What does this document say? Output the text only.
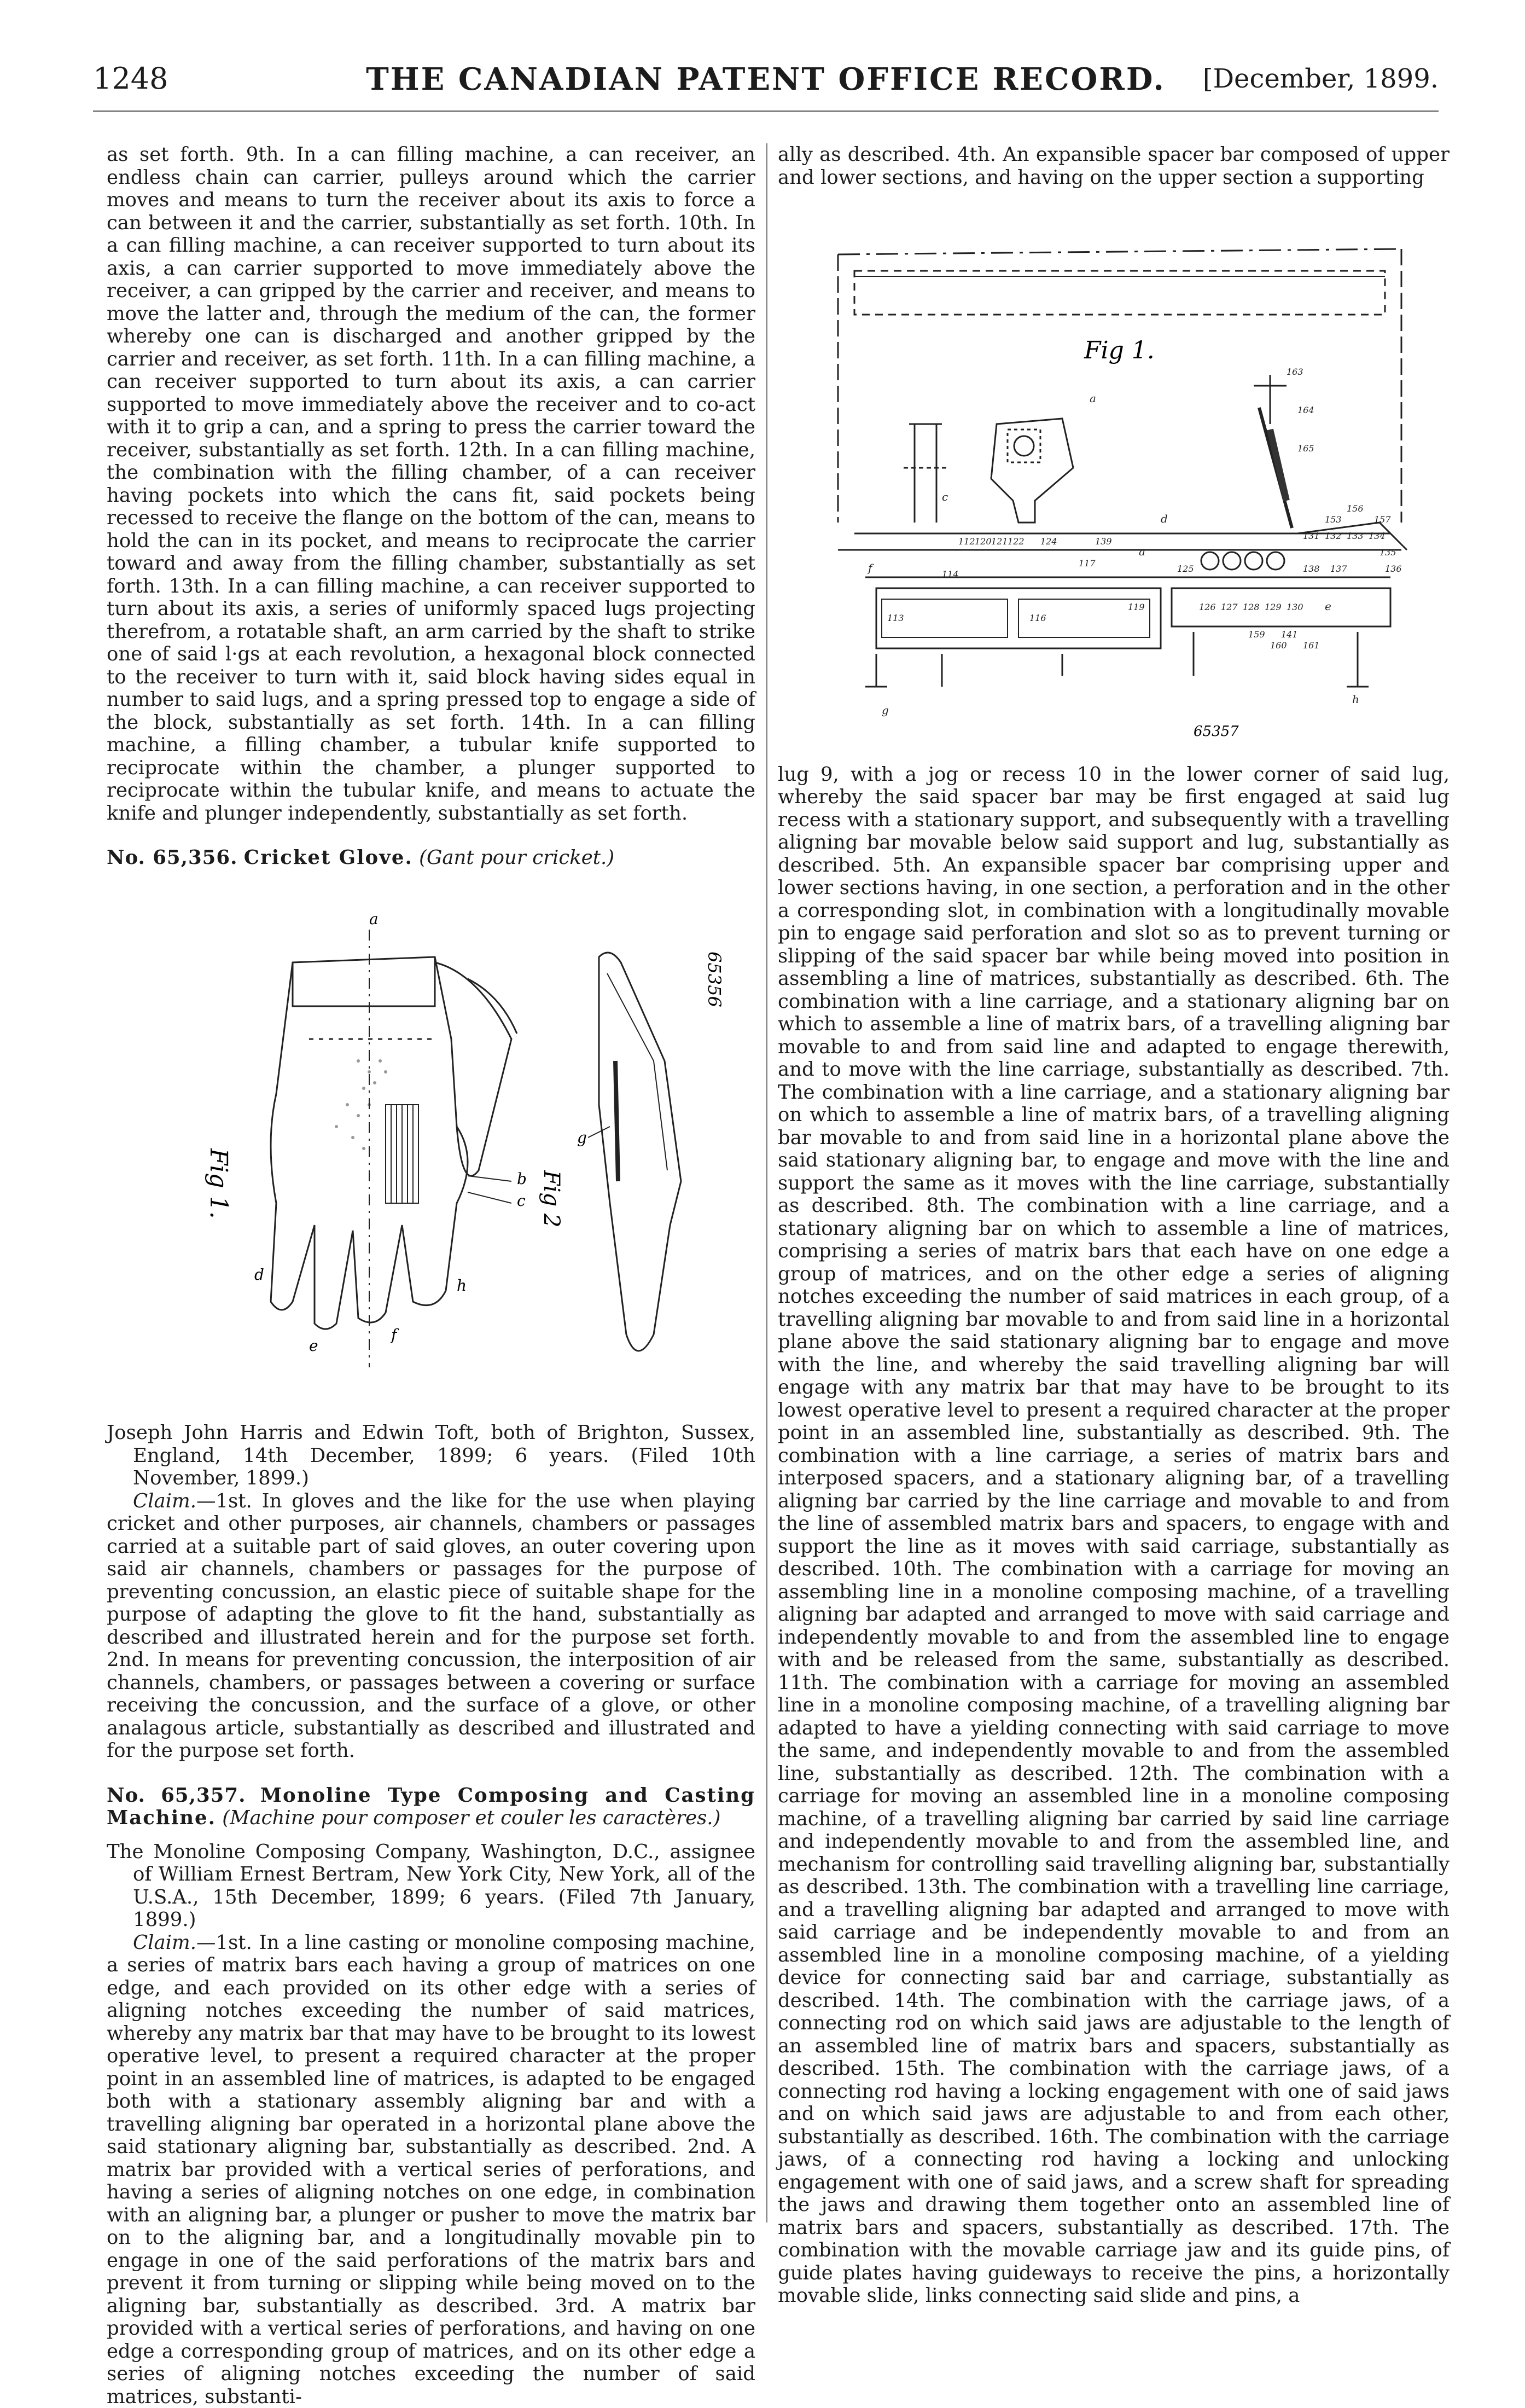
1248	THE CANADIAN PATENT OFFICE RECORD.	[December, 1899.

as set forth. 9th. In a can filling machine, a can receiver, an endless chain can carrier, pulleys around which the carrier moves and means to turn the receiver about its axis to force a can between it and the carrier, substantially as set forth. 10th. In a can filling machine, a can receiver supported to turn about its axis, a can carrier supported to move immediately above the receiver, a can gripped by the carrier and receiver, and means to move the latter and, through the medium of the can, the former whereby one can is discharged and another gripped by the carrier and receiver, as set forth. 11th. In a can filling machine, a can receiver supported to turn about its axis, a can carrier supported to move immediately above the receiver and to co-act with it to grip a can, and a spring to press the carrier toward the receiver, substantially as set forth. 12th. In a can filling machine, the combination with the filling chamber, of a can receiver having pockets into which the cans fit, said pockets being recessed to receive the flange on the bottom of the can, means to hold the can in its pocket, and means to reciprocate the carrier toward and away from the filling chamber, substantially as set forth. 13th. In a can filling machine, a can receiver supported to turn about its axis, a series of uniformly spaced lugs projecting therefrom, a rotatable shaft, an arm carried by the shaft to strike one of said l·gs at each revolution, a hexagonal block connected to the receiver to turn with it, said block having sides equal in number to said lugs, and a spring pressed top to engage a side of the block, substantially as set forth. 14th. In a can filling machine, a filling chamber, a tubular knife supported to reciprocate within the chamber, a plunger supported to reciprocate within the tubular knife, and means to actuate the knife and plunger independently, substantially as set forth.

No. 65,356. Cricket Glove. (Gant pour cricket.)

Fig 1.	Fig 2
65356
a
b
c
d
e
f
g
h

Joseph John Harris and Edwin Toft, both of Brighton, Sussex, England, 14th December, 1899; 6 years. (Filed 10th November, 1899.)

Claim.—1st. In gloves and the like for the use when playing cricket and other purposes, air channels, chambers or passages carried at a suitable part of said gloves, an outer covering upon said air channels, chambers or passages for the purpose of preventing concussion, an elastic piece of suitable shape for the purpose of adapting the glove to fit the hand, substantially as described and illustrated herein and for the purpose set forth. 2nd. In means for preventing concussion, the interposition of air channels, chambers, or passages between a covering or surface receiving the concussion, and the surface of a glove, or other analagous article, substantially as described and illustrated and for the purpose set forth.

No. 65,357. Monoline Type Composing and Casting Machine. (Machine pour composer et couler les caractères.)

The Monoline Composing Company, Washington, D.C., assignee of William Ernest Bertram, New York City, New York, all of the U.S.A., 15th December, 1899; 6 years. (Filed 7th January, 1899.)

Claim.—1st. In a line casting or monoline composing machine, a series of matrix bars each having a group of matrices on one edge, and each provided on its other edge with a series of aligning notches exceeding the number of said matrices, whereby any matrix bar that may have to be brought to its lowest operative level, to present a required character at the proper point in an assembled line of matrices, is adapted to be engaged both with a stationary assembly aligning bar and with a travelling aligning bar operated in a horizontal plane above the said stationary aligning bar, substantially as described. 2nd. A matrix bar provided with a vertical series of perforations, and having a series of aligning notches on one edge, in combination with an aligning bar, a plunger or pusher to move the matrix bar on to the aligning bar, and a longitudinally movable pin to engage in one of the said perforations of the matrix bars and prevent it from turning or slipping while being moved on to the aligning bar, substantially as described. 3rd. A matrix bar provided with a vertical series of perforations, and having on one edge a corresponding group of matrices, and on its other edge a series of aligning notches exceeding the number of said matrices, substanti-

ally as described. 4th. An expansible spacer bar composed of upper and lower sections, and having on the upper section a supporting

Fig 1.
65357
a
a
c
d
e
f
g
h
112
113
114
116
117
119
120 121 122 124
125
126 127 128 129 130
131 132 133 134
135
136
137
138
139
141
153
156
157
159
160 161
163
164
165

lug 9, with a jog or recess 10 in the lower corner of said lug, whereby the said spacer bar may be first engaged at said lug recess with a stationary support, and subsequently with a travelling aligning bar movable below said support and lug, substantially as described. 5th. An expansible spacer bar comprising upper and lower sections having, in one section, a perforation and in the other a corresponding slot, in combination with a longitudinally movable pin to engage said perforation and slot so as to prevent turning or slipping of the said spacer bar while being moved into position in assembling a line of matrices, substantially as described. 6th. The combination with a line carriage, and a stationary aligning bar on which to assemble a line of matrix bars, of a travelling aligning bar movable to and from said line and adapted to engage therewith, and to move with the line carriage, substantially as described. 7th. The combination with a line carriage, and a stationary aligning bar on which to assemble a line of matrix bars, of a travelling aligning bar movable to and from said line in a horizontal plane above the said stationary aligning bar, to engage and move with the line and support the same as it moves with the line carriage, substantially as described. 8th. The combination with a line carriage, and a stationary aligning bar on which to assemble a line of matrices, comprising a series of matrix bars that each have on one edge a group of matrices, and on the other edge a series of aligning notches exceeding the number of said matrices in each group, of a travelling aligning bar movable to and from said line in a horizontal plane above the said stationary aligning bar to engage and move with the line, and whereby the said travelling aligning bar will engage with any matrix bar that may have to be brought to its lowest operative level to present a required character at the proper point in an assembled line, substantially as described. 9th. The combination with a line carriage, a series of matrix bars and interposed spacers, and a stationary aligning bar, of a travelling aligning bar carried by the line carriage and movable to and from the line of assembled matrix bars and spacers, to engage with and support the line as it moves with said carriage, substantially as described. 10th. The combination with a carriage for moving an assembling line in a monoline composing machine, of a travelling aligning bar adapted and arranged to move with said carriage and independently movable to and from the assembled line to engage with and be released from the same, substantially as described. 11th. The combination with a carriage for moving an assembled line in a monoline composing machine, of a travelling aligning bar adapted to have a yielding connecting with said carriage to move the same, and independently movable to and from the assembled line, substantially as described. 12th. The combination with a carriage for moving an assembled line in a monoline composing machine, of a travelling aligning bar carried by said line carriage and independently movable to and from the assembled line, and mechanism for controlling said travelling aligning bar, substantially as described. 13th. The combination with a travelling line carriage, and a travelling aligning bar adapted and arranged to move with said carriage and be independently movable to and from an assembled line in a monoline composing machine, of a yielding device for connecting said bar and carriage, substantially as described. 14th. The combination with the carriage jaws, of a connecting rod on which said jaws are adjustable to the length of an assembled line of matrix bars and spacers, substantially as described. 15th. The combination with the carriage jaws, of a connecting rod having a locking engagement with one of said jaws and on which said jaws are adjustable to and from each other, substantially as described. 16th. The combination with the carriage jaws, of a connecting rod having a locking and unlocking engagement with one of said jaws, and a screw shaft for spreading the jaws and drawing them together onto an assembled line of matrix bars and spacers, substantially as described. 17th. The combination with the movable carriage jaw and its guide pins, of guide plates having guideways to receive the pins, a horizontally movable slide, links connecting said slide and pins, a
